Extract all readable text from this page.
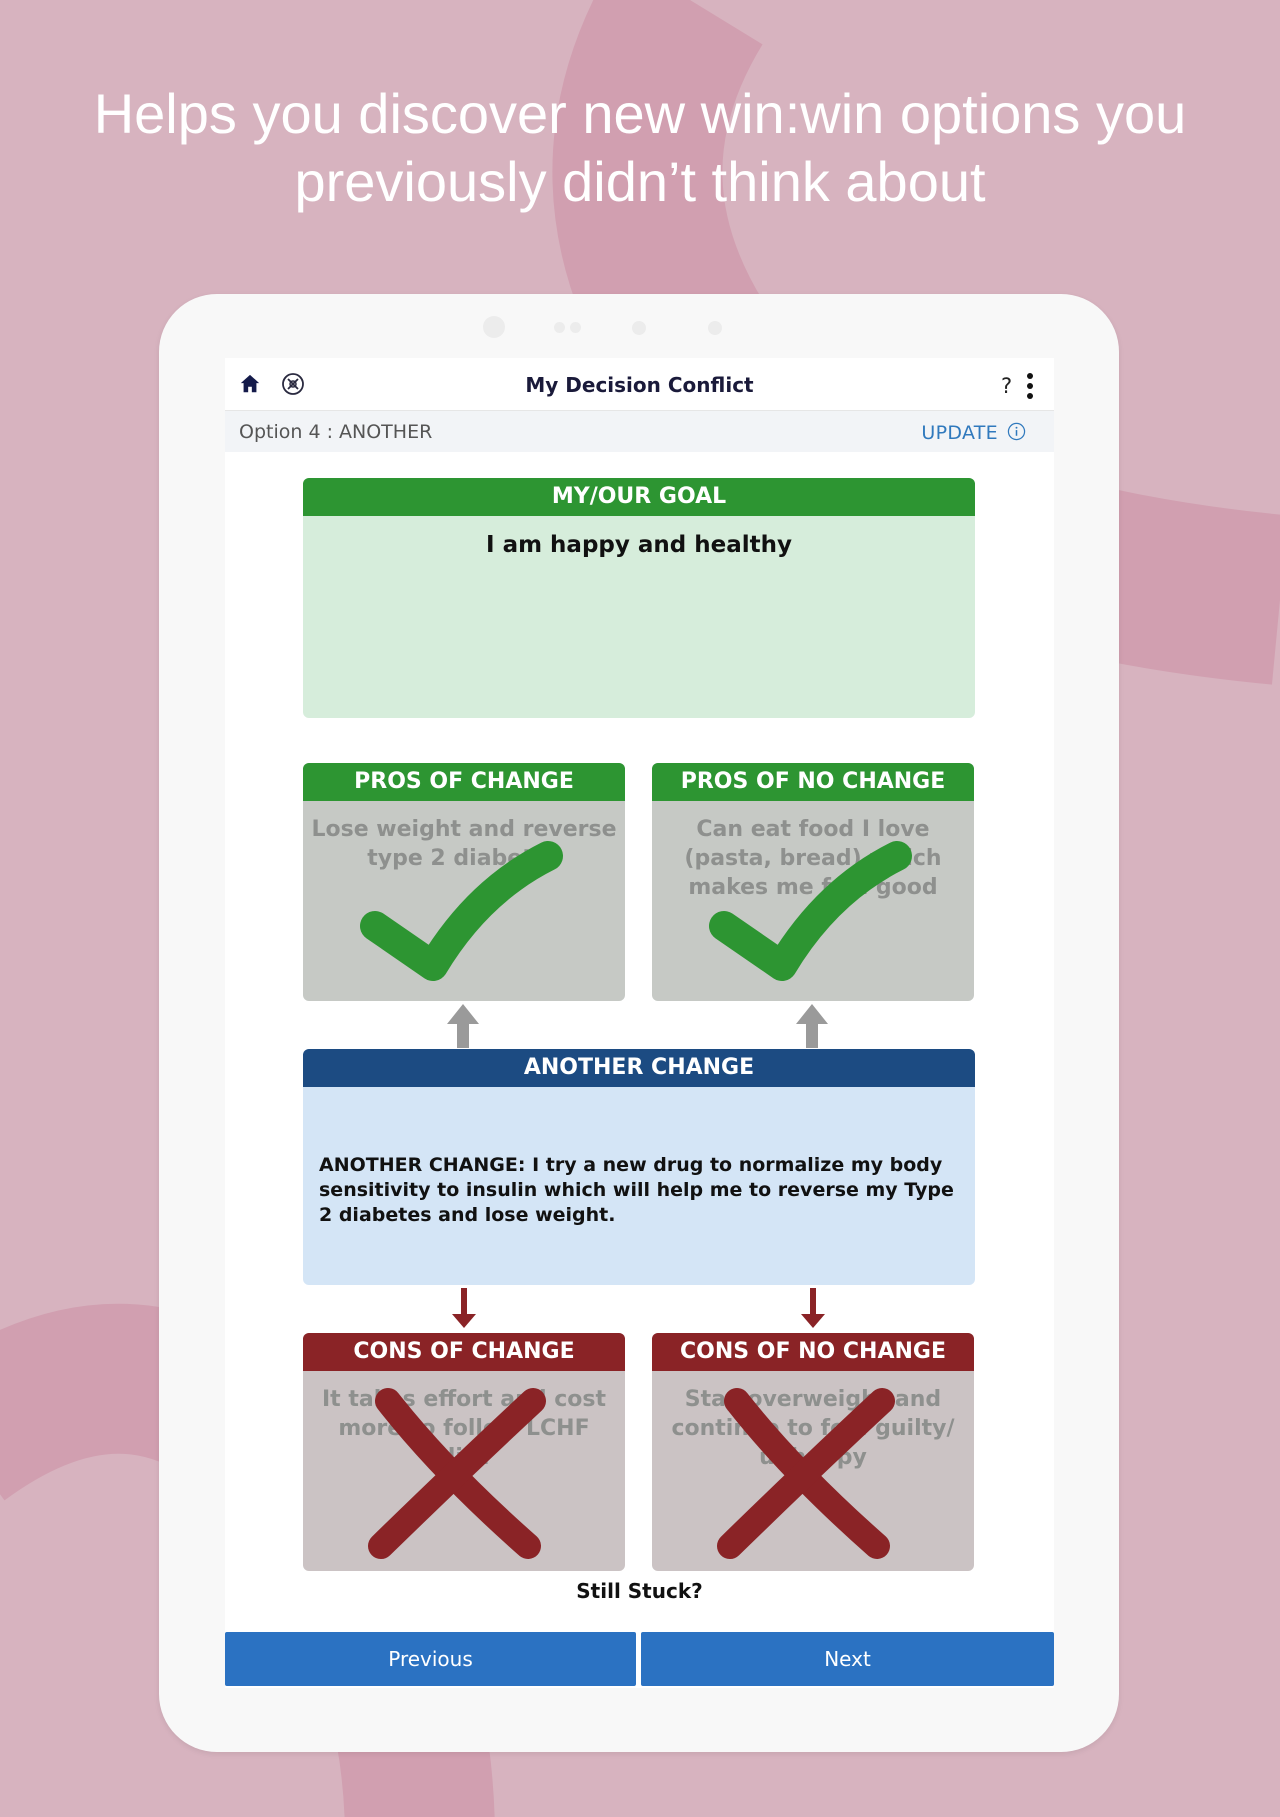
Helps you discover new win:win options you
previously didn’t think about
My Decision Conflict	?
Option 4 : ANOTHER	UPDATE
MY/OUR GOAL
I am happy and healthy
PROS OF CHANGE
Lose weight and reverse type 2 diabetes
PROS OF NO CHANGE
Can eat food I love (pasta, bread) which makes me feel good
ANOTHER CHANGE
ANOTHER CHANGE: I try a new drug to normalize my body sensitivity to insulin which will help me to reverse my Type 2 diabetes and lose weight.
CONS OF CHANGE
It takes effort and cost more to follow LCHF diet
CONS OF NO CHANGE
Stay overweight and continue to feel guilty/ unhappy
Still Stuck?
Previous	Next
